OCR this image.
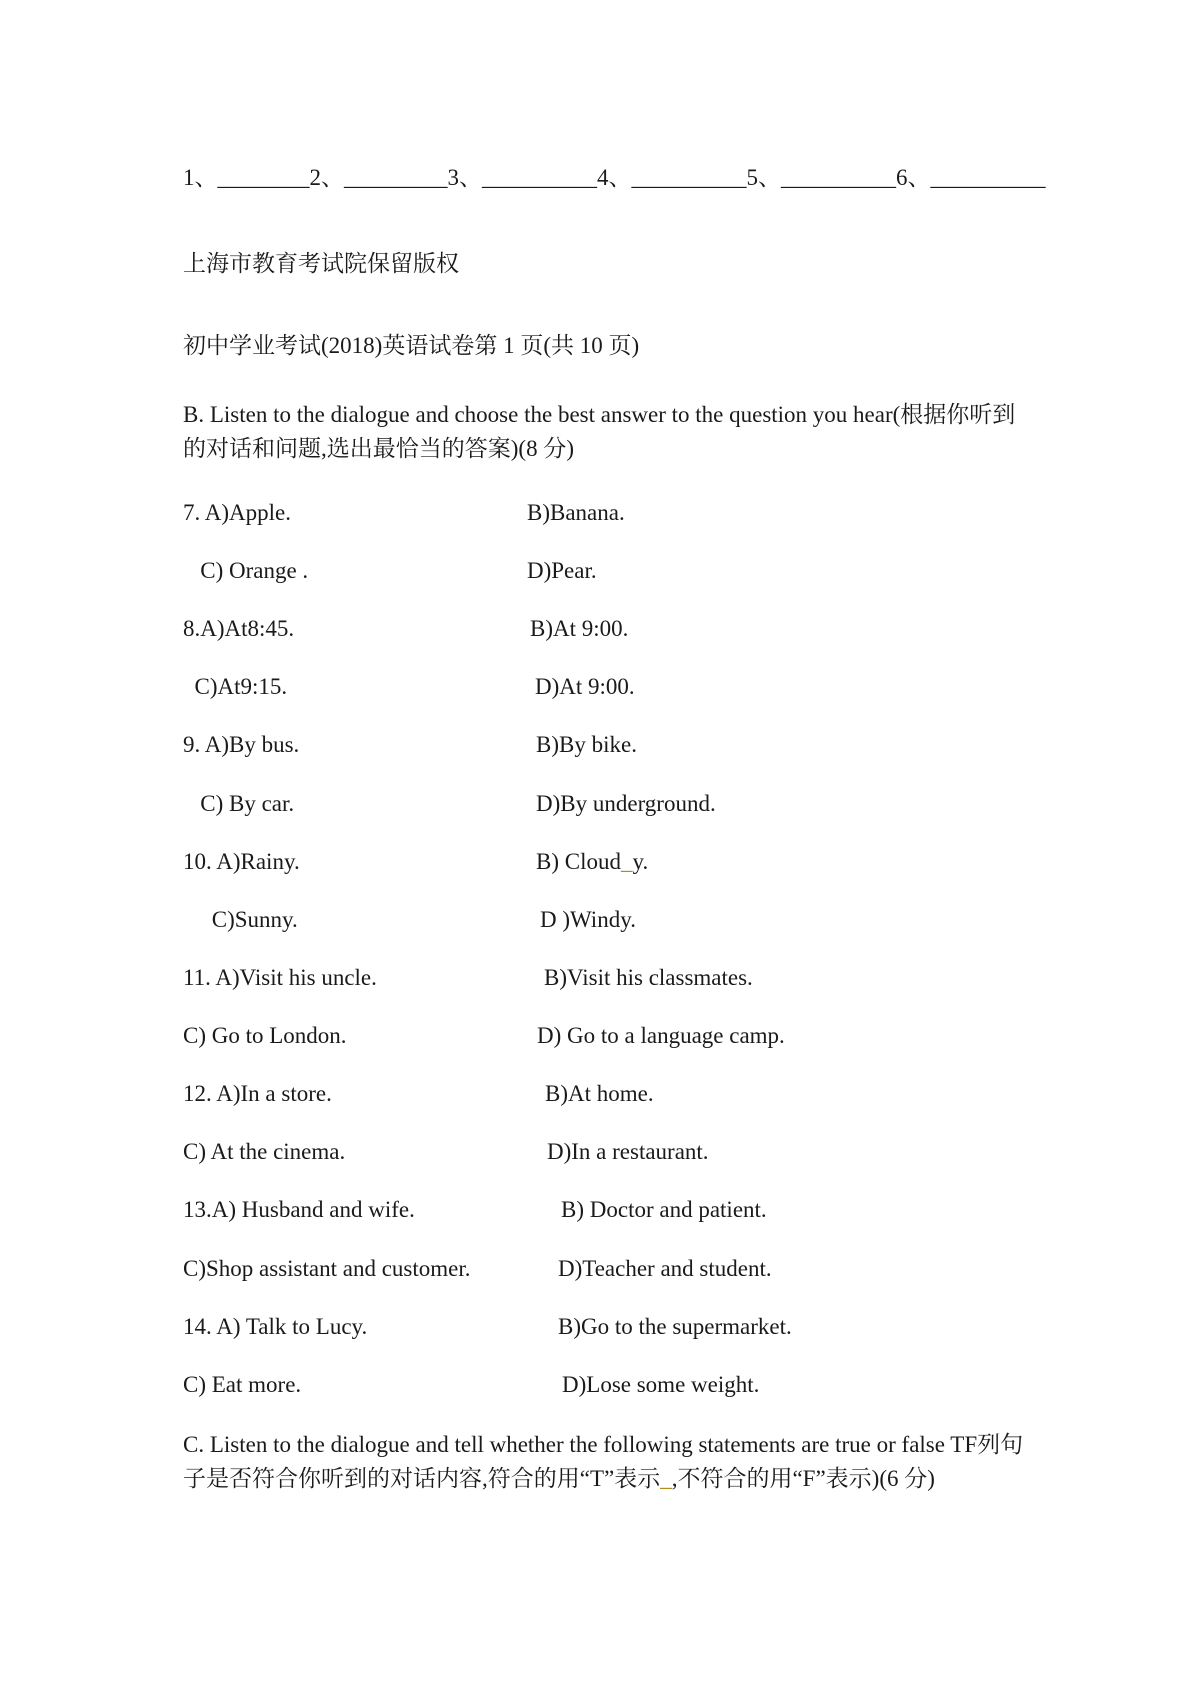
1、________2、_________3、__________4、__________5、__________6、__________
上海市教育考试院保留版权
初中学业考试(2018)英语试卷第 1 页(共 10 页)
B. Listen to the dialogue and choose the best answer to the question you hear(根据你听到的对话和问题,选出最恰当的答案)(8 分)
7. A)Apple.	B)Banana.
C) Orange .	D)Pear.
8.A)At8:45.	B)At 9:00.
C)At9:15.	D)At 9:00.
9. A)By bus.	B)By bike.
C) By car.	D)By underground.
10. A)Rainy.	B) Cloud_y.
C)Sunny.	D )Windy.
11. A)Visit his uncle.	B)Visit his classmates.
C) Go to London.	D) Go to a language camp.
12. A)In a store.	B)At home.
C) At the cinema.	D)In a restaurant.
13.A) Husband and wife.	B) Doctor and patient.
C)Shop assistant and customer.	D)Teacher and student.
14. A) Talk to Lucy.	B)Go to the supermarket.
C) Eat more.	D)Lose some weight.
C. Listen to the dialogue and tell whether the following statements are true or false TF列句子是否符合你听到的对话内容,符合的用“T”表示_,不符合的用“F”表示)(6 分)
